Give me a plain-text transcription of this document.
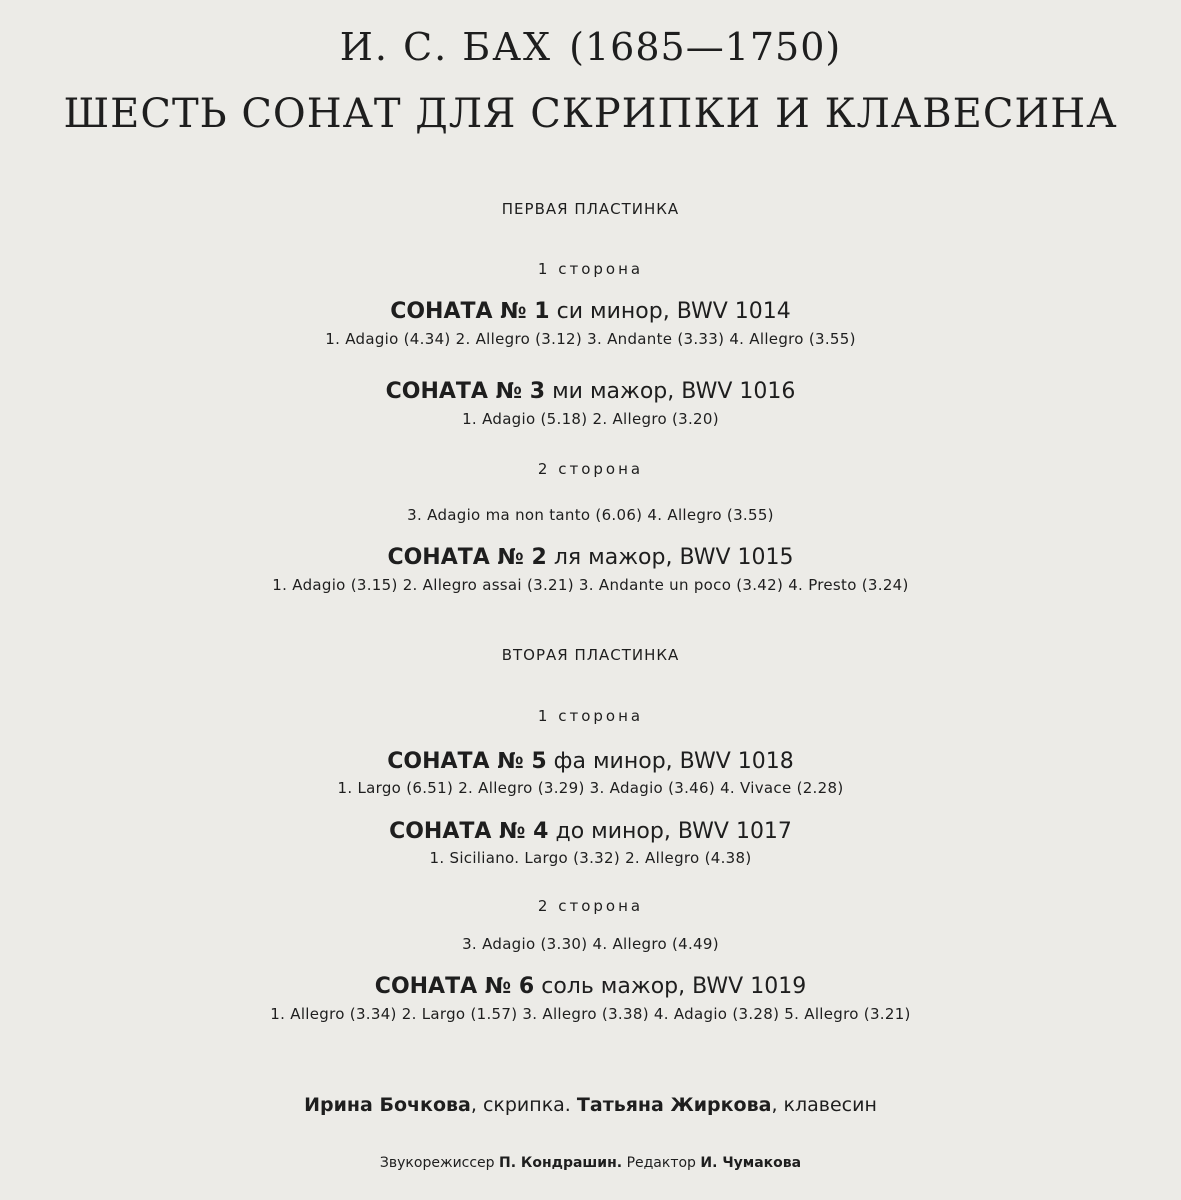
И. С. БАХ (1685—1750)
ШЕСТЬ СОНАТ ДЛЯ СКРИПКИ И КЛАВЕСИНА
ПЕРВАЯ ПЛАСТИНКА
1 сторона
СОНАТА № 1 си минор, BWV 1014
1. Adagio (4.34) 2. Allegro (3.12) 3. Andante (3.33) 4. Allegro (3.55)
СОНАТА № 3 ми мажор, BWV 1016
1. Adagio (5.18) 2. Allegro (3.20)
2 сторона
3. Adagio ma non tanto (6.06) 4. Allegro (3.55)
СОНАТА № 2 ля мажор, BWV 1015
1. Adagio (3.15) 2. Allegro assai (3.21) 3. Andante un poco (3.42) 4. Presto (3.24)
ВТОРАЯ ПЛАСТИНКА
1 сторона
СОНАТА № 5 фа минор, BWV 1018
1. Largo (6.51) 2. Allegro (3.29) 3. Adagio (3.46) 4. Vivace (2.28)
СОНАТА № 4 до минор, BWV 1017
1. Siciliano. Largo (3.32) 2. Allegro (4.38)
2 сторона
3. Adagio (3.30) 4. Allegro (4.49)
СОНАТА № 6 соль мажор, BWV 1019
1. Allegro (3.34) 2. Largo (1.57) 3. Allegro (3.38) 4. Adagio (3.28) 5. Allegro (3.21)
Ирина Бочкова, скрипка. Татьяна Жиркова, клавесин
Звукорежиссер П. Кондрашин. Редактор И. Чумакова
